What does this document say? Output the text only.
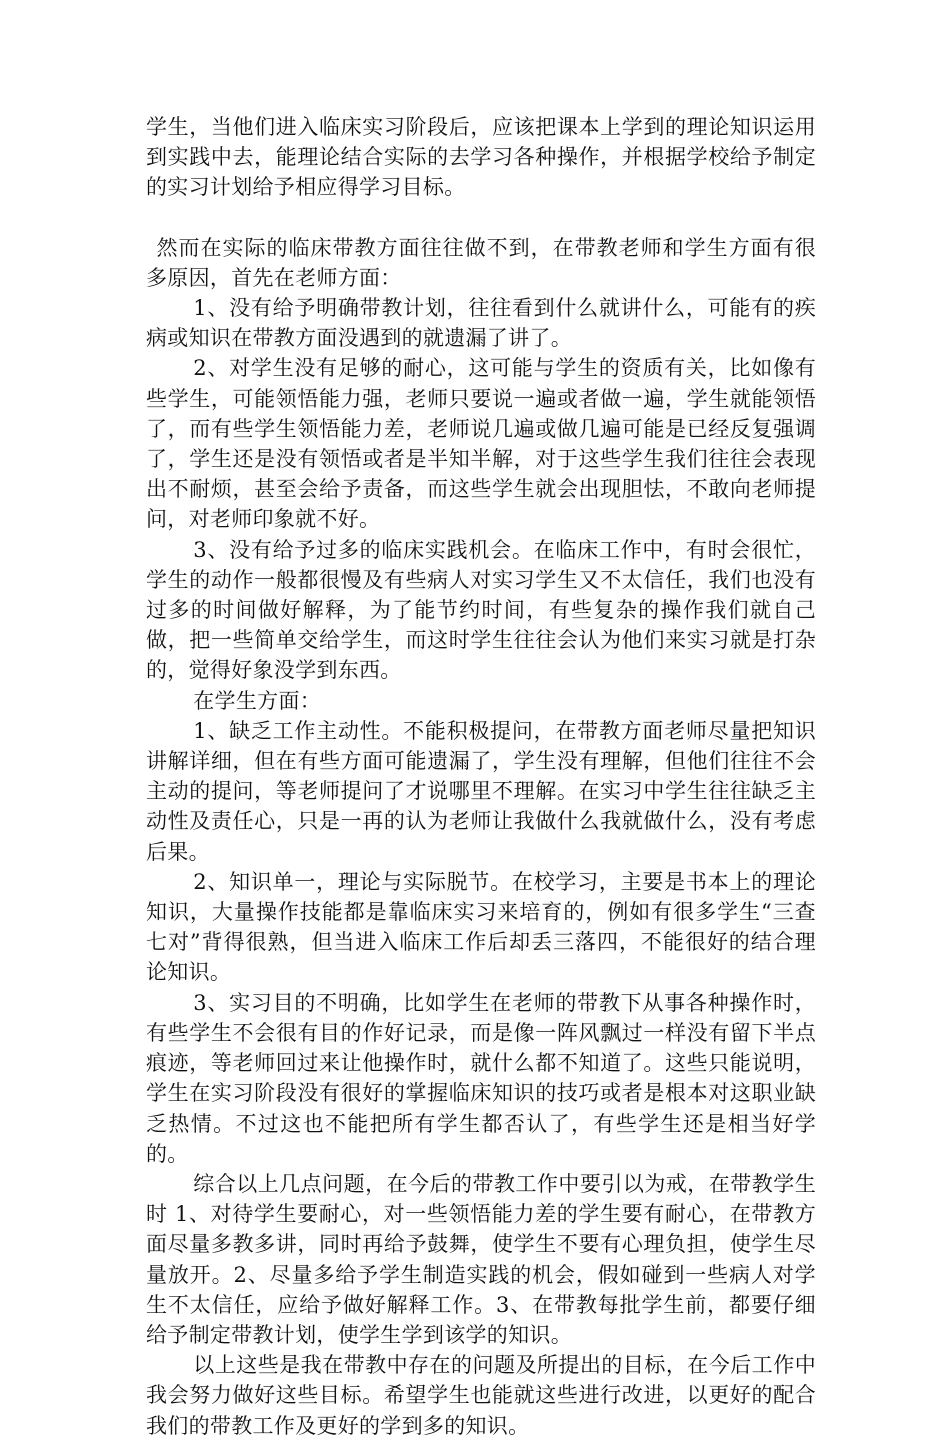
学生，当他们进入临床实习阶段后，应该把课本上学到的理论知识运用到实践中去，能理论结合实际的去学习各种操作，并根据学校给予制定的实习计划给予相应得学习目标。

然而在实际的临床带教方面往往做不到，在带教老师和学生方面有很多原因，首先在老师方面：

1、没有给予明确带教计划，往往看到什么就讲什么，可能有的疾病或知识在带教方面没遇到的就遗漏了讲了。

2、对学生没有足够的耐心，这可能与学生的资质有关，比如像有些学生，可能领悟能力强，老师只要说一遍或者做一遍，学生就能领悟了，而有些学生领悟能力差，老师说几遍或做几遍可能是已经反复强调了，学生还是没有领悟或者是半知半解，对于这些学生我们往往会表现出不耐烦，甚至会给予责备，而这些学生就会出现胆怯，不敢向老师提问，对老师印象就不好。

3、没有给予过多的临床实践机会。在临床工作中，有时会很忙，学生的动作一般都很慢及有些病人对实习学生又不太信任，我们也没有过多的时间做好解释，为了能节约时间，有些复杂的操作我们就自己做，把一些简单交给学生，而这时学生往往会认为他们来实习就是打杂的，觉得好象没学到东西。

在学生方面：

1、缺乏工作主动性。不能积极提问，在带教方面老师尽量把知识讲解详细，但在有些方面可能遗漏了，学生没有理解，但他们往往不会主动的提问，等老师提问了才说哪里不理解。在实习中学生往往缺乏主动性及责任心，只是一再的认为老师让我做什么我就做什么，没有考虑后果。

2、知识单一，理论与实际脱节。在校学习，主要是书本上的理论知识，大量操作技能都是靠临床实习来培育的，例如有很多学生“三查七对”背得很熟，但当进入临床工作后却丢三落四，不能很好的结合理论知识。

3、实习目的不明确，比如学生在老师的带教下从事各种操作时，有些学生不会很有目的作好记录，而是像一阵风飘过一样没有留下半点痕迹，等老师回过来让他操作时，就什么都不知道了。这些只能说明，学生在实习阶段没有很好的掌握临床知识的技巧或者是根本对这职业缺乏热情。不过这也不能把所有学生都否认了，有些学生还是相当好学的。

综合以上几点问题，在今后的带教工作中要引以为戒，在带教学生时 1、对待学生要耐心，对一些领悟能力差的学生要有耐心，在带教方面尽量多教多讲，同时再给予鼓舞，使学生不要有心理负担，使学生尽量放开。2、尽量多给予学生制造实践的机会，假如碰到一些病人对学生不太信任，应给予做好解释工作。3、在带教每批学生前，都要仔细给予制定带教计划，使学生学到该学的知识。

以上这些是我在带教中存在的问题及所提出的目标，在今后工作中我会努力做好这些目标。希望学生也能就这些进行改进，以更好的配合我们的带教工作及更好的学到多的知识。
